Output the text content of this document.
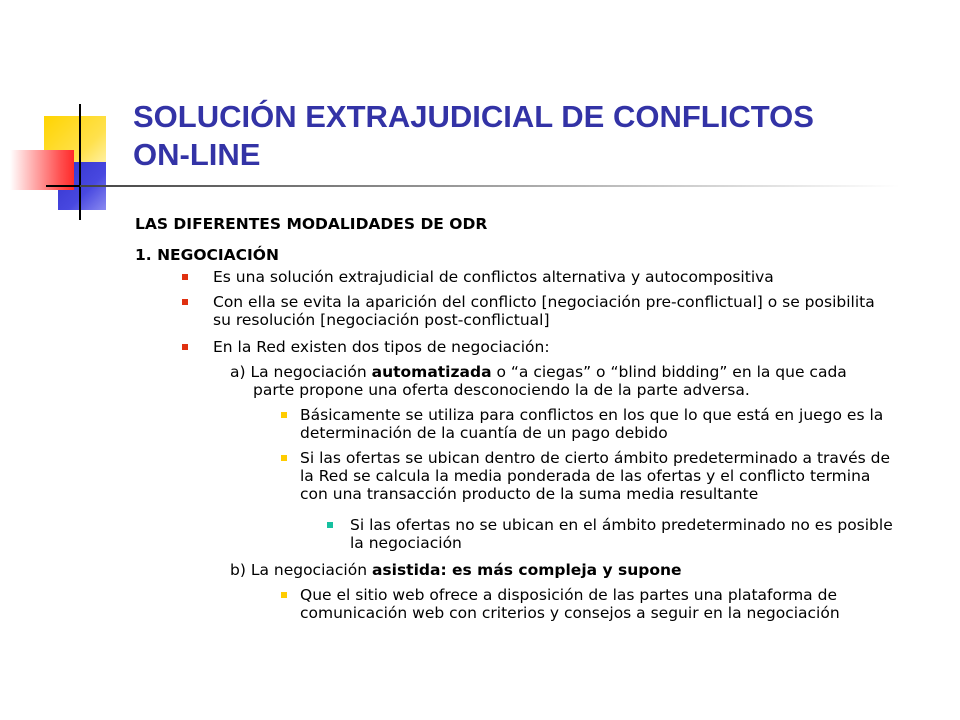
SOLUCIÓN EXTRAJUDICIAL DE CONFLICTOS
ON-LINE
LAS DIFERENTES MODALIDADES DE ODR
1. NEGOCIACIÓN
Es una solución extrajudicial de conflictos alternativa y autocompositiva
Con ella se evita la aparición del conflicto [negociación pre-conflictual] o se posibilita
su resolución [negociación post-conflictual]
En la Red existen dos tipos de negociación:
a) La negociación automatizada o “a ciegas” o “blind bidding” en la que cada
parte propone una oferta desconociendo la de la parte adversa.
Básicamente se utiliza para conflictos en los que lo que está en juego es la
determinación de la cuantía de un pago debido
Si las ofertas se ubican dentro de cierto ámbito predeterminado a través de
la Red se calcula la media ponderada de las ofertas y el conflicto termina
con una transacción producto de la suma media resultante
Si las ofertas no se ubican en el ámbito predeterminado no es posible
la negociación
b) La negociación asistida: es más compleja y supone
Que el sitio web ofrece a disposición de las partes una plataforma de
comunicación web con criterios y consejos a seguir en la negociación
